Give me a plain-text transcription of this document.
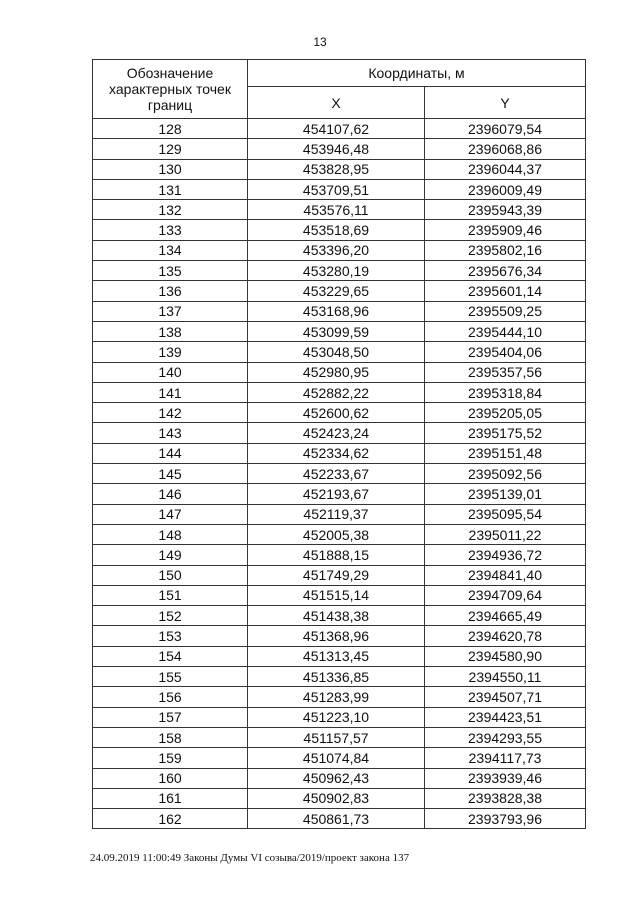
13
Обозначение характерных точек границ	Координаты, м	
	X	Y
128	454107,62	2396079,54
129	453946,48	2396068,86
130	453828,95	2396044,37
131	453709,51	2396009,49
132	453576,11	2395943,39
133	453518,69	2395909,46
134	453396,20	2395802,16
135	453280,19	2395676,34
136	453229,65	2395601,14
137	453168,96	2395509,25
138	453099,59	2395444,10
139	453048,50	2395404,06
140	452980,95	2395357,56
141	452882,22	2395318,84
142	452600,62	2395205,05
143	452423,24	2395175,52
144	452334,62	2395151,48
145	452233,67	2395092,56
146	452193,67	2395139,01
147	452119,37	2395095,54
148	452005,38	2395011,22
149	451888,15	2394936,72
150	451749,29	2394841,40
151	451515,14	2394709,64
152	451438,38	2394665,49
153	451368,96	2394620,78
154	451313,45	2394580,90
155	451336,85	2394550,11
156	451283,99	2394507,71
157	451223,10	2394423,51
158	451157,57	2394293,55
159	451074,84	2394117,73
160	450962,43	2393939,46
161	450902,83	2393828,38
162	450861,73	2393793,96
24.09.2019 11:00:49 Законы Думы VI созыва/2019/проект закона 137
